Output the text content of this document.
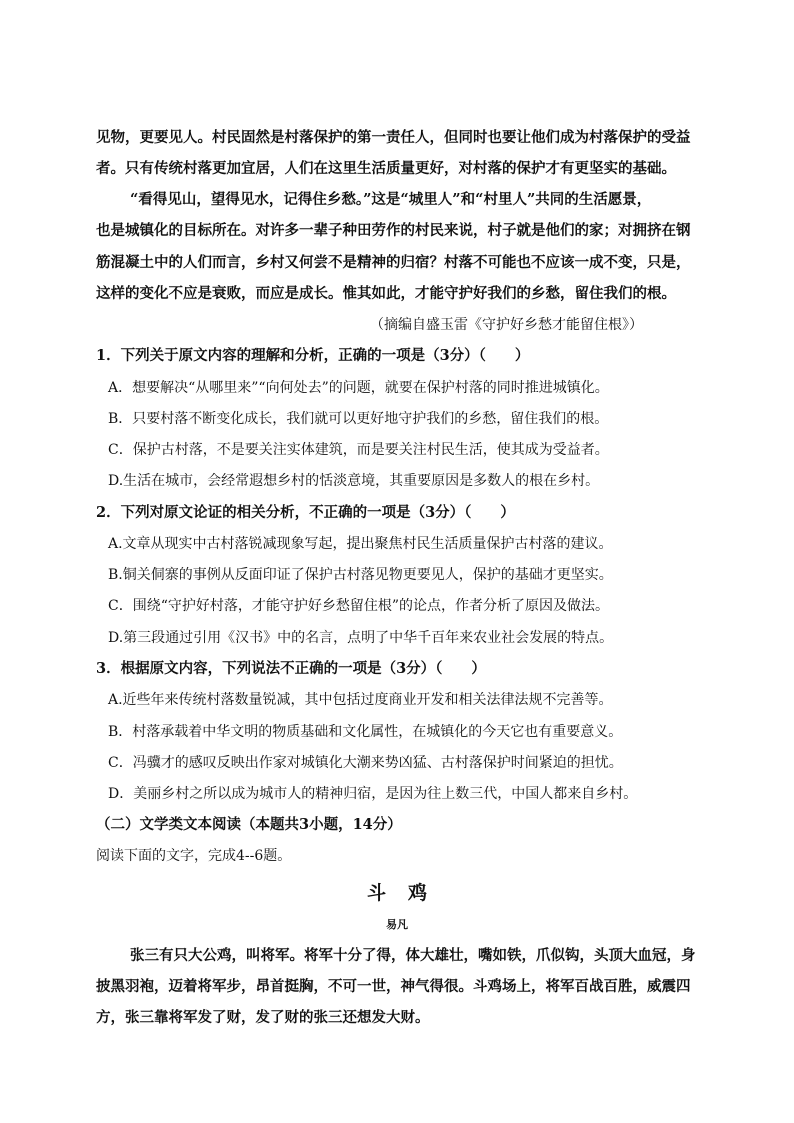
见物，更要见人。村民固然是村落保护的第一责任人，但同时也要让他们成为村落保护的受益
者。只有传统村落更加宜居，人们在这里生活质量更好，对村落的保护才有更坚实的基础。
“看得见山，望得见水，记得住乡愁。”这是“城里人”和“村里人”共同的生活愿景，
也是城镇化的目标所在。对许多一辈子种田劳作的村民来说，村子就是他们的家；对拥挤在钢
筋混凝土中的人们而言，乡村又何尝不是精神的归宿？村落不可能也不应该一成不变，只是，
这样的变化不应是衰败，而应是成长。惟其如此，才能守护好我们的乡愁，留住我们的根。
（摘编自盛玉雷《守护好乡愁才能留住根》）
1．下列关于原文内容的理解和分析，正确的一项是（3分）（　　）
A．想要解决“从哪里来”“向何处去”的问题，就要在保护村落的同时推进城镇化。
B．只要村落不断变化成长，我们就可以更好地守护我们的乡愁，留住我们的根。
C．保护古村落，不是要关注实体建筑，而是要关注村民生活，使其成为受益者。
D.生活在城市，会经常遐想乡村的恬淡意境，其重要原因是多数人的根在乡村。
2．下列对原文论证的相关分析，不正确的一项是（3分）（　　）
A.文章从现实中古村落锐减现象写起，提出聚焦村民生活质量保护古村落的建议。
B.铜关侗寨的事例从反面印证了保护古村落见物更要见人，保护的基础才更坚实。
C．围绕“守护好村落，才能守护好乡愁留住根”的论点，作者分析了原因及做法。
D.第三段通过引用《汉书》中的名言，点明了中华千百年来农业社会发展的特点。
3．根据原文内容，下列说法不正确的一项是（3分）（　　）
A.近些年来传统村落数量锐减，其中包括过度商业开发和相关法律法规不完善等。
B．村落承载着中华文明的物质基础和文化属性，在城镇化的今天它也有重要意义。
C．冯骥才的感叹反映出作家对城镇化大潮来势凶猛、古村落保护时间紧迫的担忧。
D．美丽乡村之所以成为城市人的精神归宿，是因为往上数三代，中国人都来自乡村。
（二）文学类文本阅读（本题共3小题，14分）
阅读下面的文字，完成4--6题。
斗鸡
易凡
张三有只大公鸡，叫将军。将军十分了得，体大雄壮，嘴如铁，爪似钩，头顶大血冠，身
披黑羽袍，迈着将军步，昂首挺胸，不可一世，神气得很。斗鸡场上，将军百战百胜，威震四
方，张三靠将军发了财，发了财的张三还想发大财。
